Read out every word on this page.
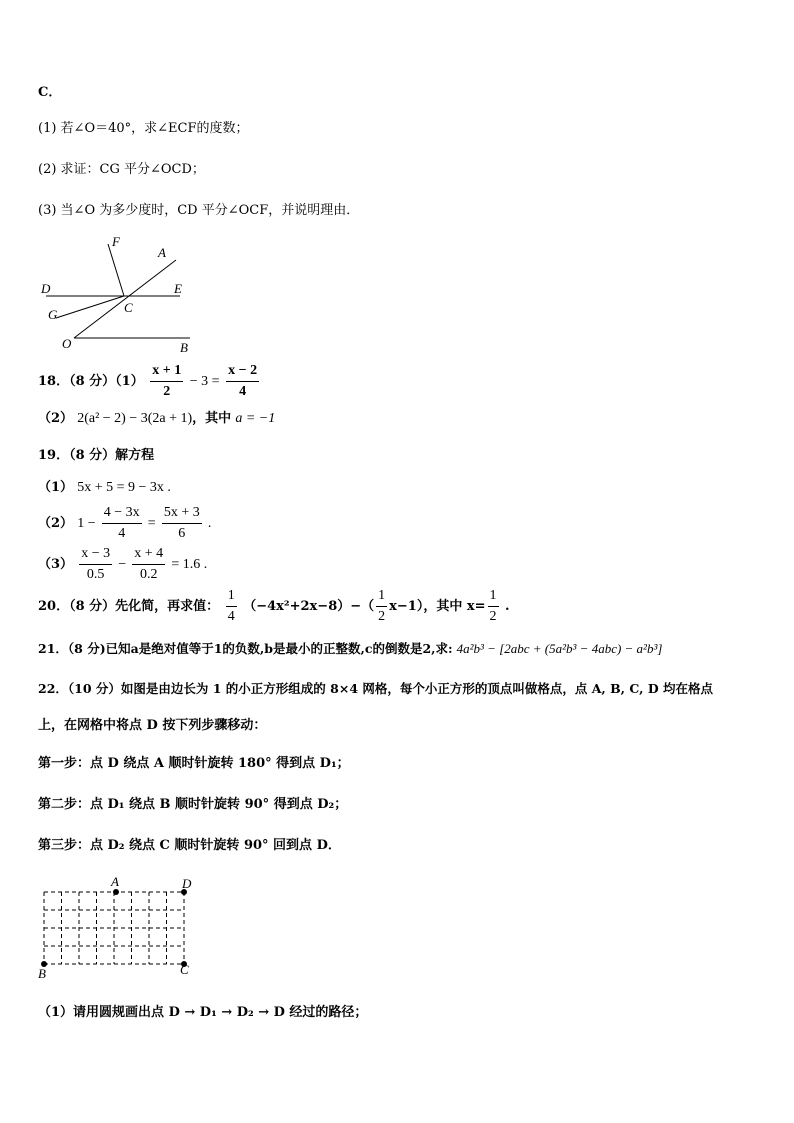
C．
(1) 若∠O＝40°，求∠ECF的度数；
(2) 求证：CG 平分∠OCD；
(3) 当∠O 为多少度时，CD 平分∠OCF，并说明理由．
F
A
D	E
G	C
O	B
18．（8 分）$(1) \frac{x + 1}{2} - 3 = \frac{x - 2}{4}$
（2） 2(a² − 2) − 3(2a + 1)，其中 a = −1
19．（8 分）解方程
（1） 5x + 5 = 9 − 3x .
（2） $1 - \frac{4 - 3x}{4} = \frac{5x + 3}{6}$ .
$(3) \frac{x - 3}{0.5} - \frac{x + 4}{0.2} = 1.6$ .
20．（8 分）先化简，再求值： $\frac{1}{4} (-4x^2+2x-8)-( \frac{1}{2} x-1)$，其中 $x= \frac{1}{2}$ .
21．（8 分)已知a是绝对值等于1的负数,b是最小的正整数,c的倒数是2,求: 4a²b³ − [2abc + (5a²b³ − 4abc) − a²b³]
22．（10 分）如图是由边长为 1 的小正方形组成的 8×4 网格，每个小正方形的顶点叫做格点，点 A, B, C, D 均在格点
上，在网格中将点 D 按下列步骤移动：
第一步：点 D 绕点 A 顺时针旋转 180° 得到点 D₁；
第二步：点 D₁ 绕点 B 顺时针旋转 90° 得到点 D₂；
第三步：点 D₂ 绕点 C 顺时针旋转 90° 回到点 D．
A	D
B	C
（1）请用圆规画出点 D → D₁ → D₂ → D 经过的路径；
